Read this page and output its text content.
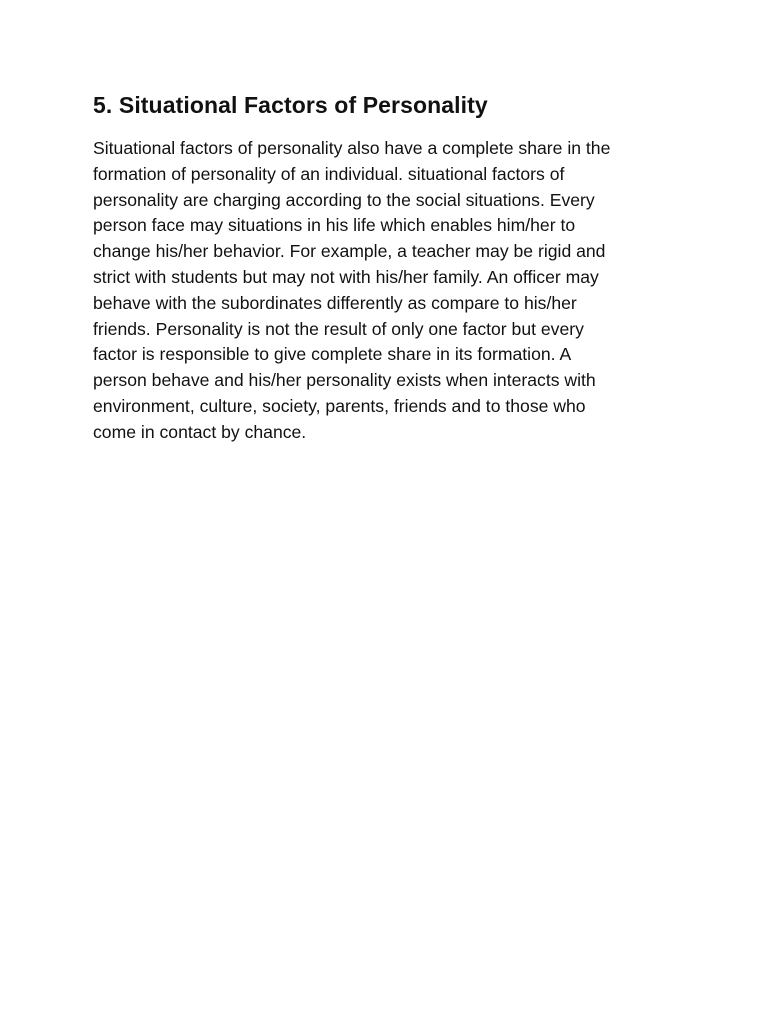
5. Situational Factors of Personality

Situational factors of personality also have a complete share in the
formation of personality of an individual. situational factors of
personality are charging according to the social situations. Every
person face may situations in his life which enables him/her to
change his/her behavior. For example, a teacher may be rigid and
strict with students but may not with his/her family. An officer may
behave with the subordinates differently as compare to his/her
friends. Personality is not the result of only one factor but every
factor is responsible to give complete share in its formation. A
person behave and his/her personality exists when interacts with
environment, culture, society, parents, friends and to those who
come in contact by chance.
